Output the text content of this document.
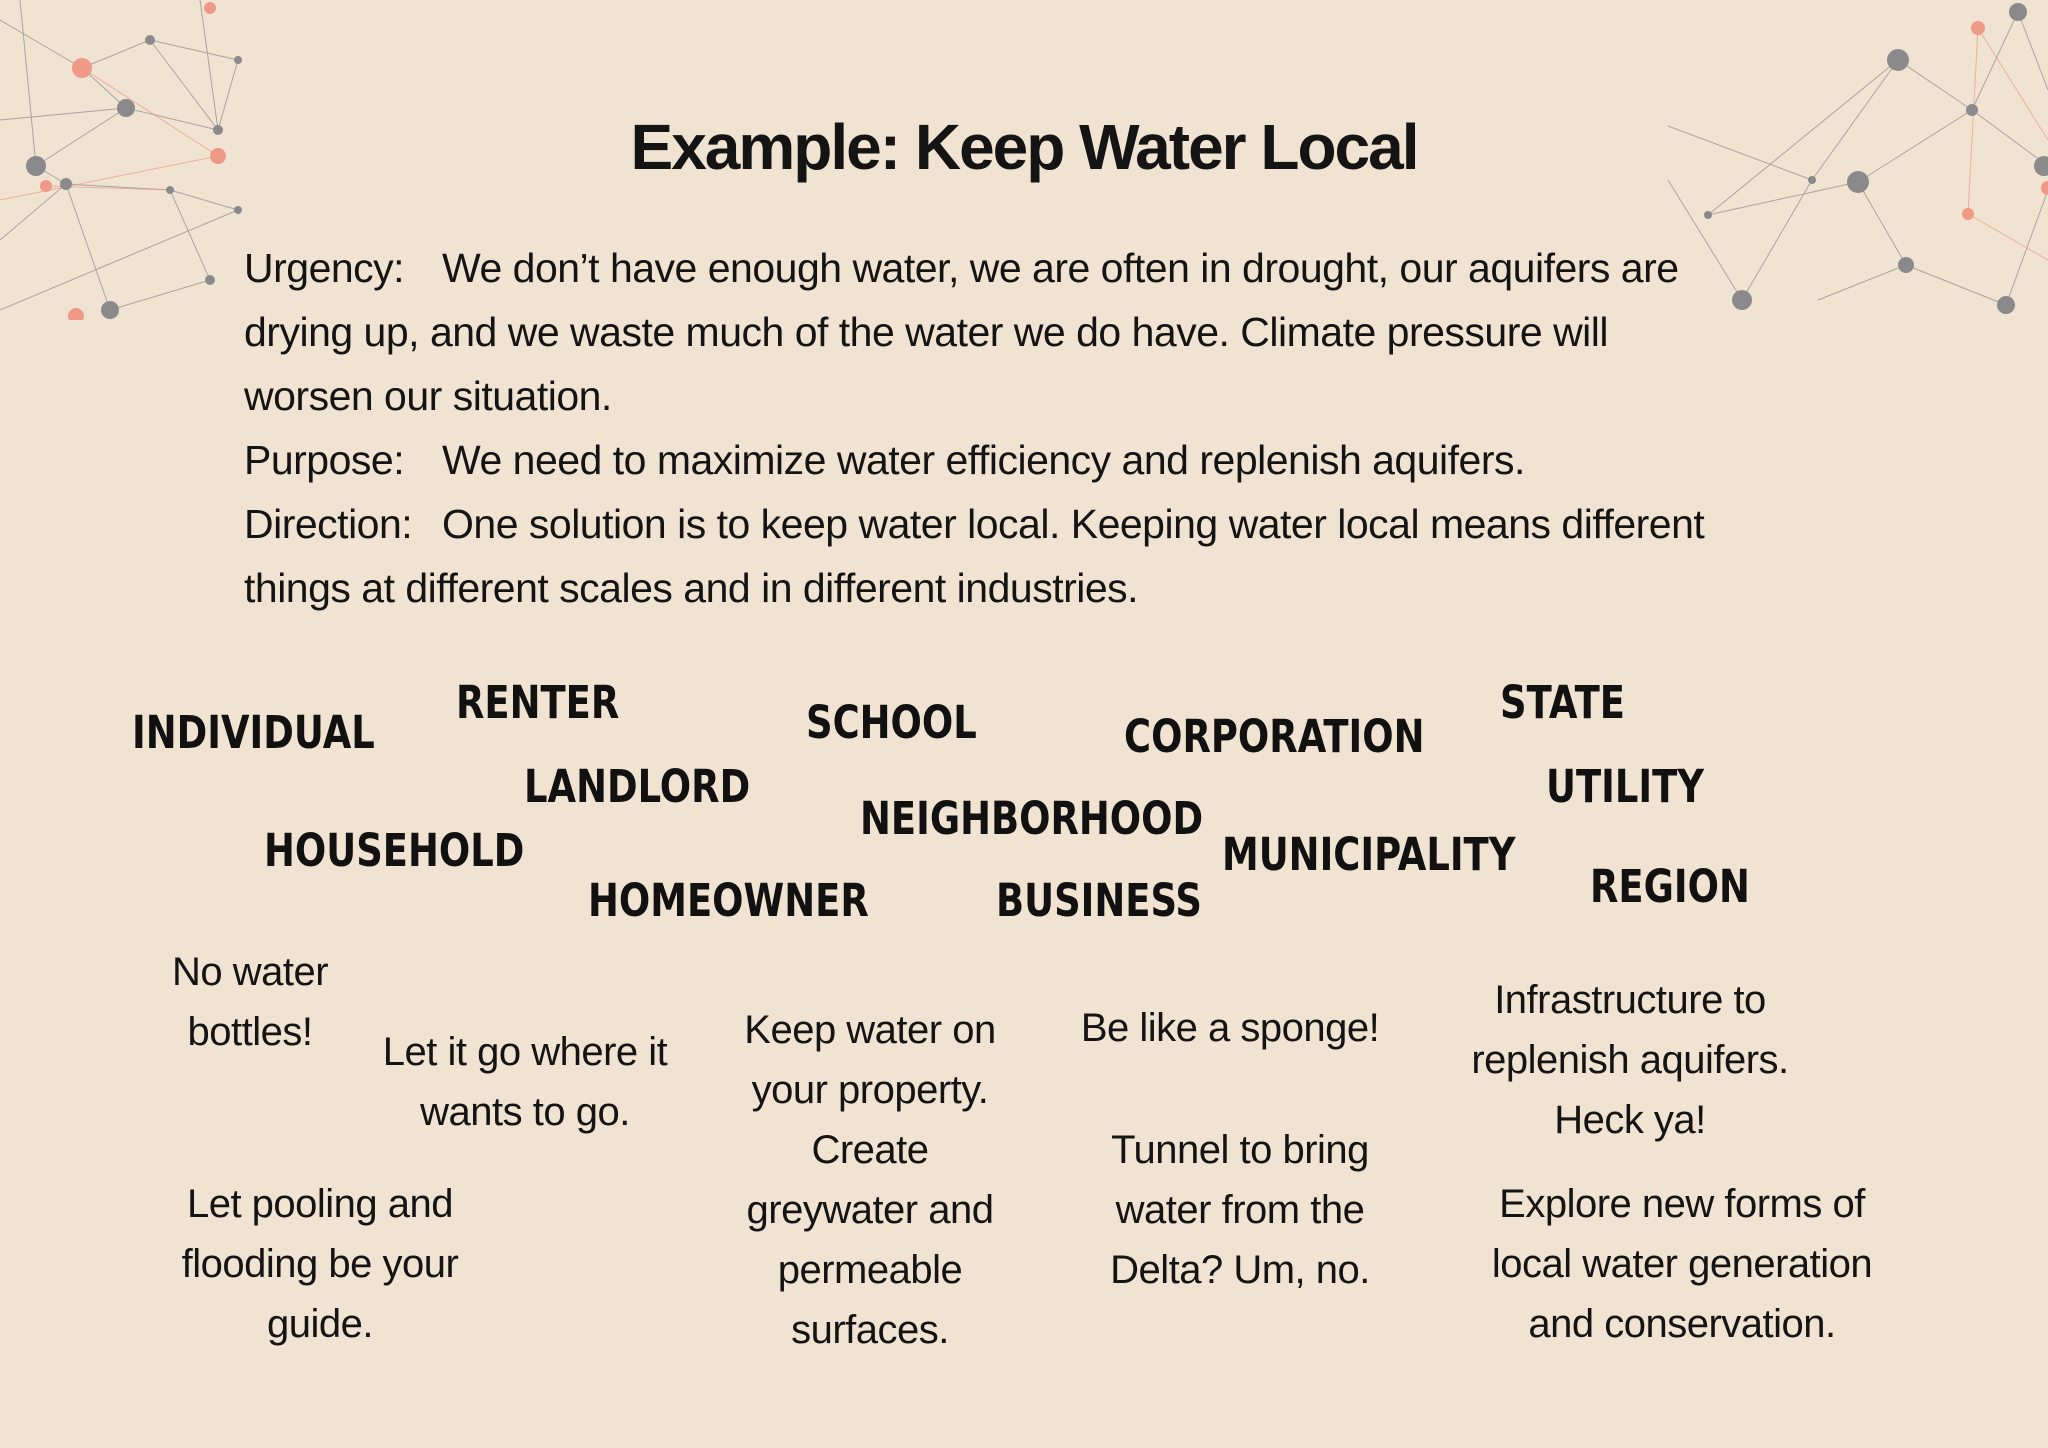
Example: Keep Water Local

Urgency: We don’t have enough water, we are often in drought, our aquifers are

drying up, and we waste much of the water we do have. Climate pressure will

worsen our situation.

Purpose: We need to maximize water efficiency and replenish aquifers.

Direction: One solution is to keep water local. Keeping water local means different

things at different scales and in different industries.

INDIVIDUAL
RENTER	SCHOOL	CORPORATION
STATE
LANDLORD	UTILITY
NEIGHBORHOOD
HOUSEHOLD	MUNICIPALITY
REGION
HOMEOWNER	BUSINESS
No water
bottles!	Let it go where it
wants to go.
Keep water on
your property.
Create
greywater and
permeable
surfaces.
Be like a sponge!
Infrastructure to
replenish aquifers.
Heck ya!
Let pooling and
flooding be your
guide.
Tunnel to bring
water from the
Delta? Um, no.
Explore new forms of
local water generation
and conservation.
